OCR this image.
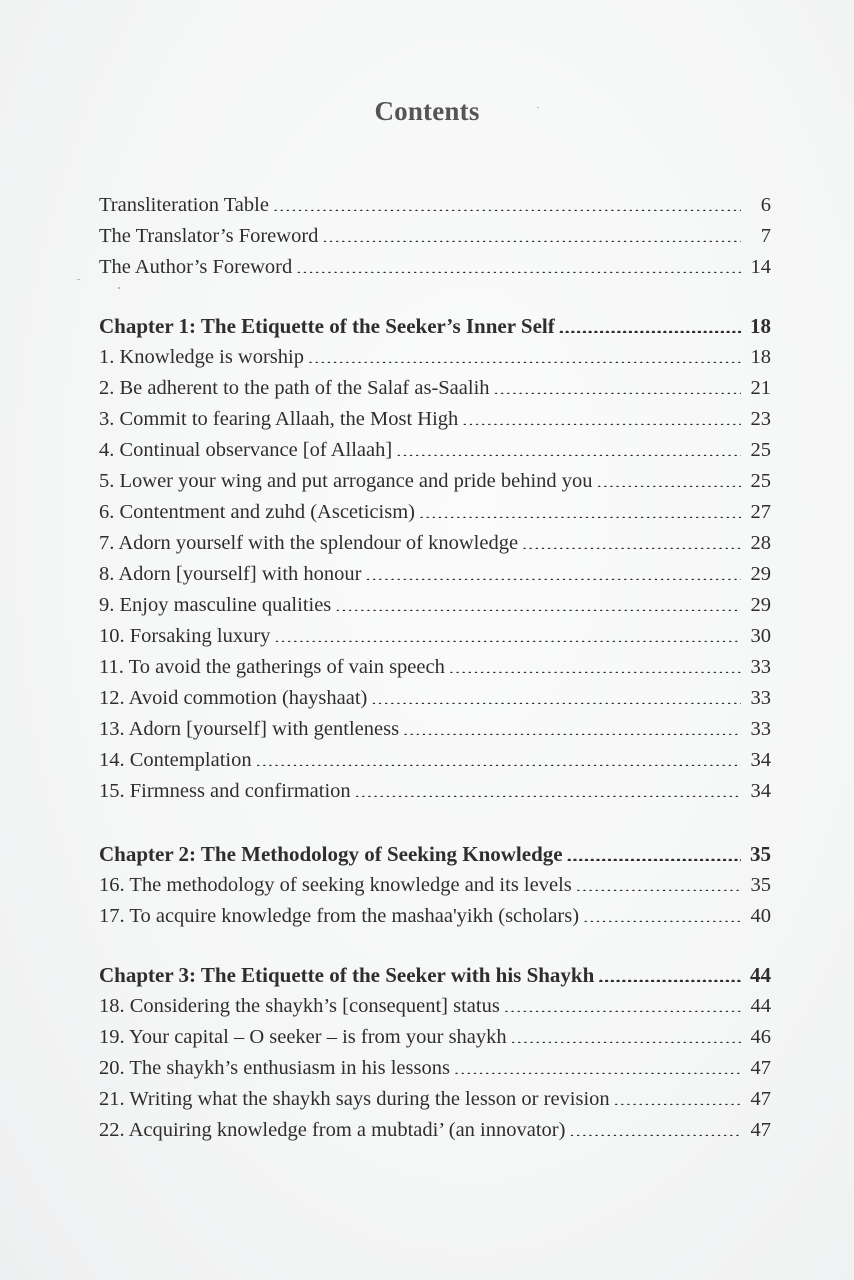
Contents
Transliteration Table .....	6
The Translator’s Foreword .....	7
The Author’s Foreword .....	14
Chapter 1: The Etiquette of the Seeker’s Inner Self .....	18
1. Knowledge is worship .....	18
2. Be adherent to the path of the Salaf as-Saalih .....	21
3. Commit to fearing Allaah, the Most High .....	23
4. Continual observance [of Allaah] .....	25
5. Lower your wing and put arrogance and pride behind you .....	25
6. Contentment and zuhd (Asceticism) .....	27
7. Adorn yourself with the splendour of knowledge .....	28
8. Adorn [yourself] with honour .....	29
9. Enjoy masculine qualities .....	29
10. Forsaking luxury .....	30
11. To avoid the gatherings of vain speech .....	33
12. Avoid commotion (hayshaat) .....	33
13. Adorn [yourself] with gentleness .....	33
14. Contemplation .....	34
15. Firmness and confirmation .....	34
Chapter 2: The Methodology of Seeking Knowledge .....	35
16. The methodology of seeking knowledge and its levels .....	35
17. To acquire knowledge from the mashaa'yikh (scholars) .....	40
Chapter 3: The Etiquette of the Seeker with his Shaykh .....	44
18. Considering the shaykh’s [consequent] status .....	44
19. Your capital – O seeker – is from your shaykh .....	46
20. The shaykh’s enthusiasm in his lessons .....	47
21. Writing what the shaykh says during the lesson or revision .....	47
22. Acquiring knowledge from a mubtadi’ (an innovator) .....	47
